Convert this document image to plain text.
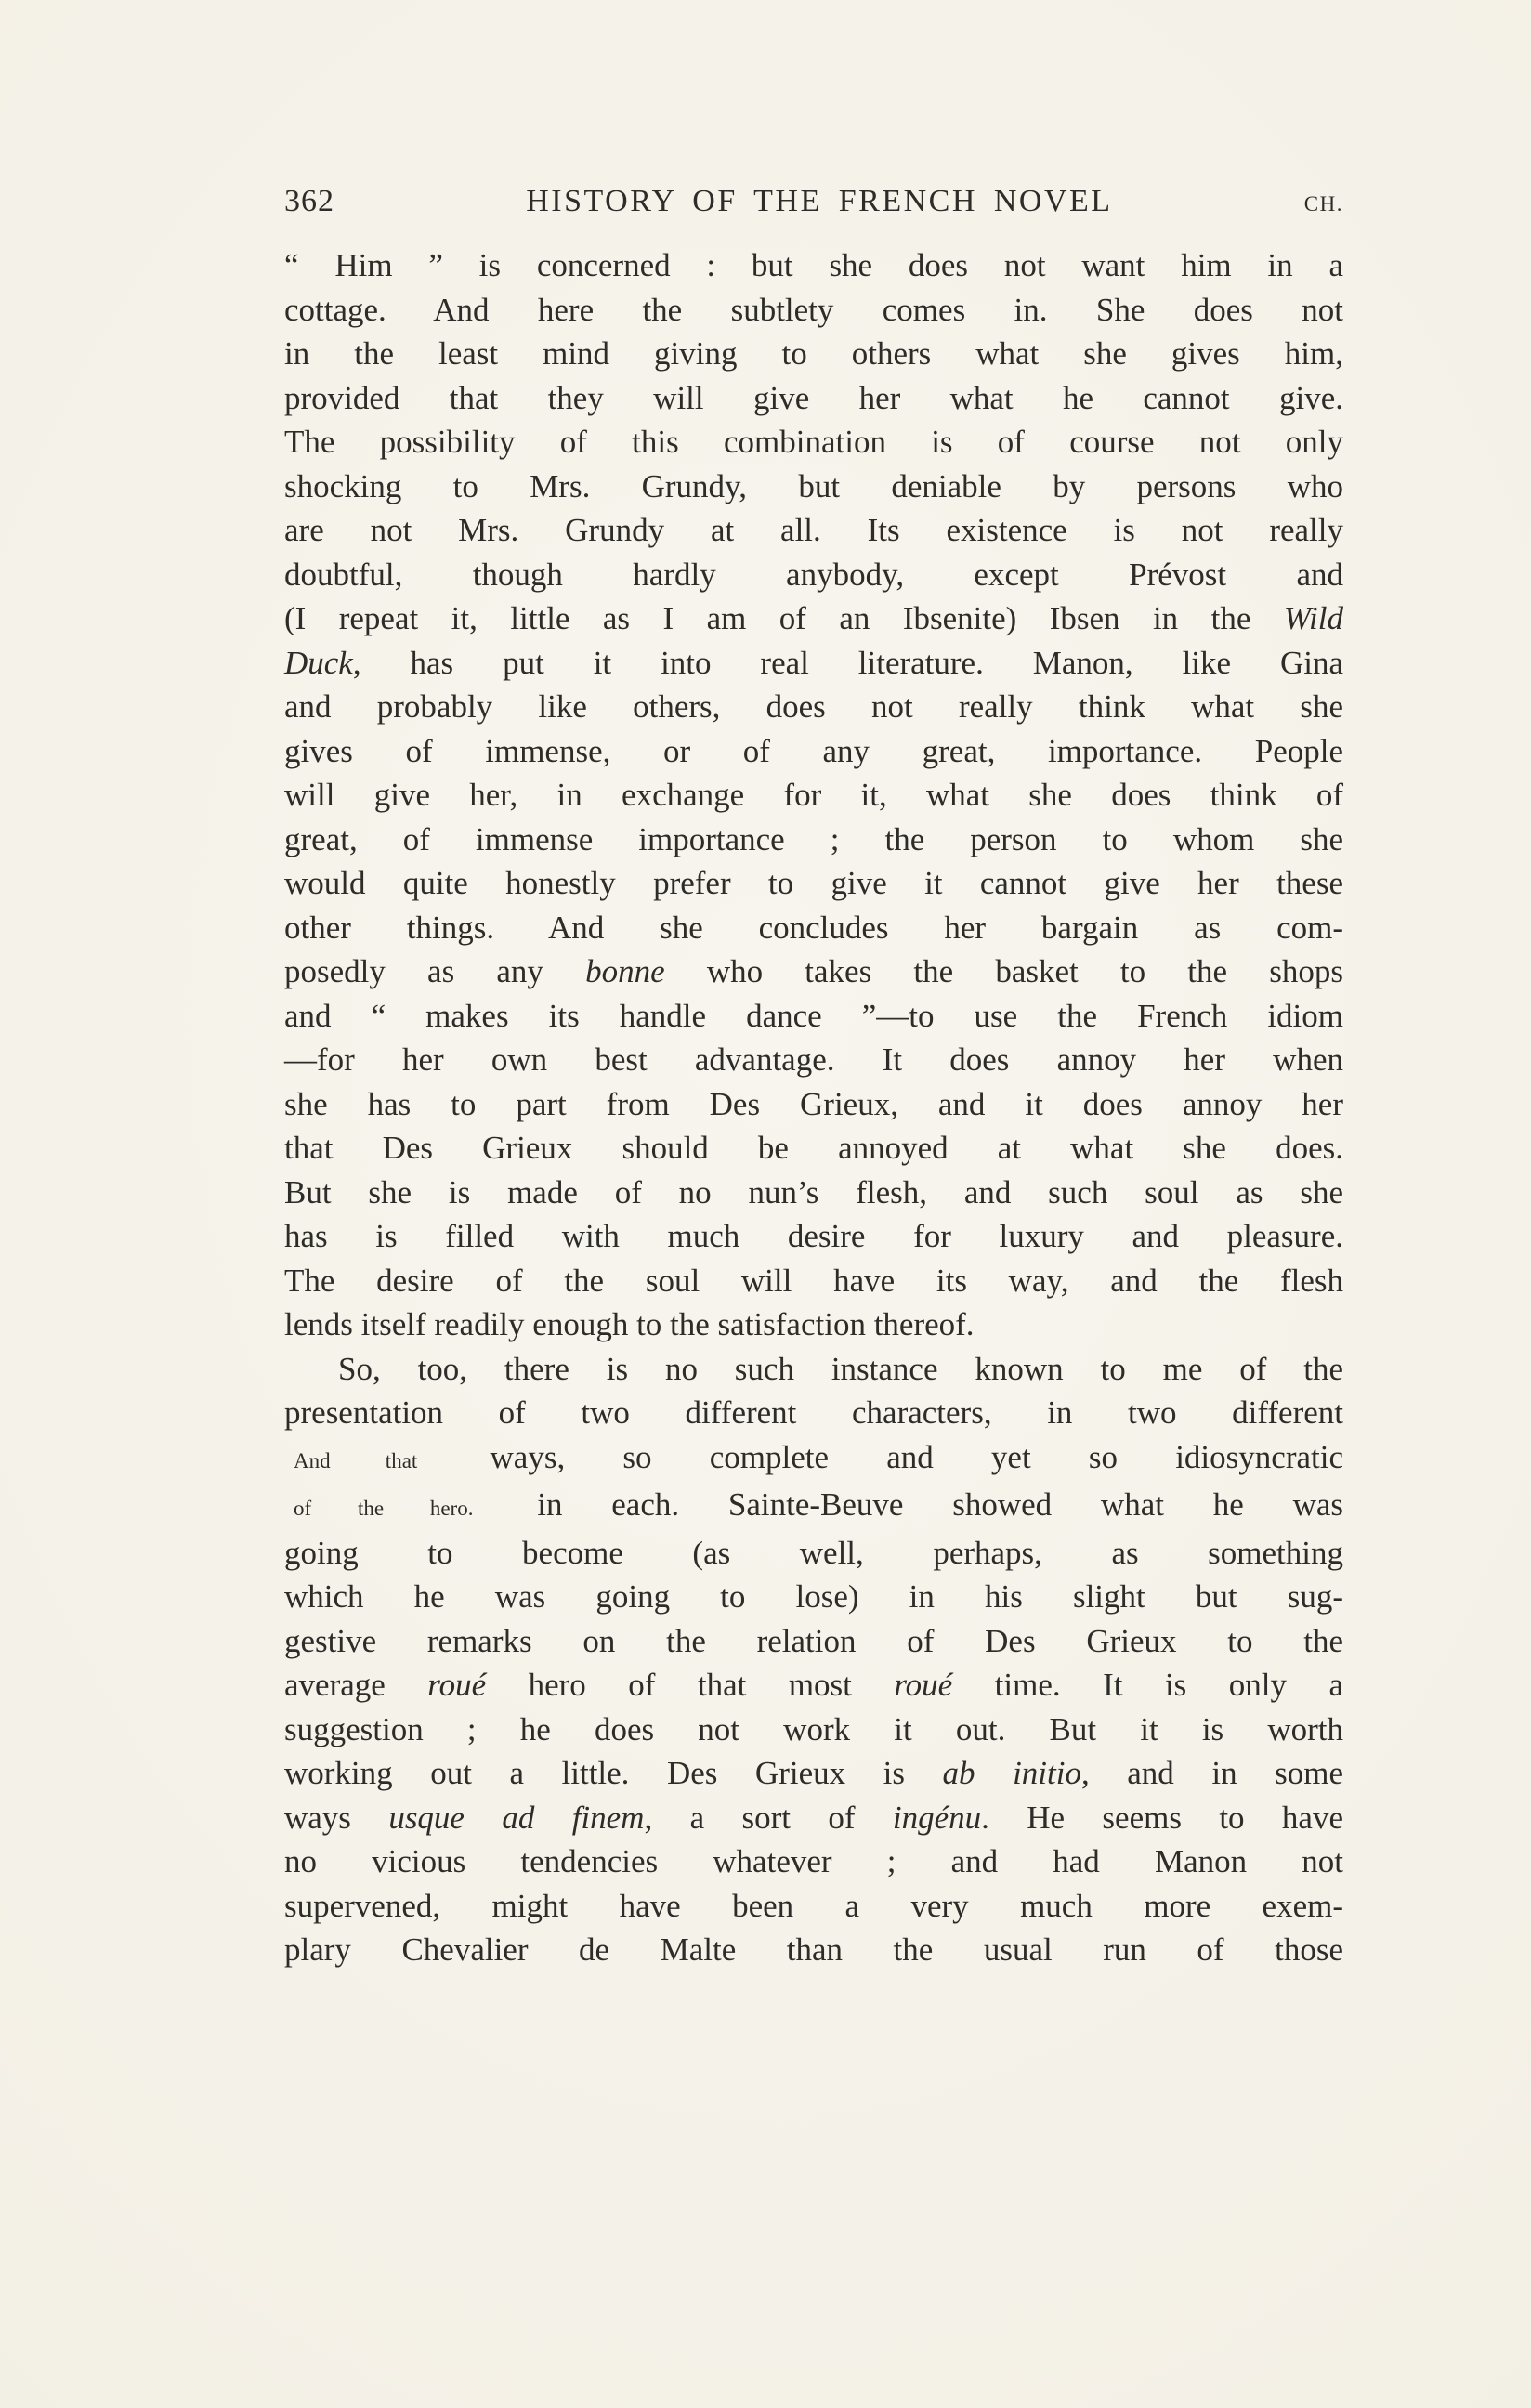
362	HISTORY OF THE FRENCH NOVEL	CH.
“ Him ” is concerned : but she does not want him in a
cottage. And here the subtlety comes in. She does not
in the least mind giving to others what she gives him,
provided that they will give her what he cannot give.
The possibility of this combination is of course not only
shocking to Mrs. Grundy, but deniable by persons who
are not Mrs. Grundy at all. Its existence is not really
doubtful, though hardly anybody, except Prévost and
(I repeat it, little as I am of an Ibsenite) Ibsen in the Wild
Duck, has put it into real literature. Manon, like Gina
and probably like others, does not really think what she
gives of immense, or of any great, importance. People
will give her, in exchange for it, what she does think of
great, of immense importance ; the person to whom she
would quite honestly prefer to give it cannot give her these
other things. And she concludes her bargain as com-
posedly as any bonne who takes the basket to the shops
and “ makes its handle dance ”—to use the French idiom
—for her own best advantage. It does annoy her when
she has to part from Des Grieux, and it does annoy her
that Des Grieux should be annoyed at what she does.
But she is made of no nun’s flesh, and such soul as she
has is filled with much desire for luxury and pleasure.
The desire of the soul will have its way, and the flesh
lends itself readily enough to the satisfaction thereof.
So, too, there is no such instance known to me of the
presentation of two different characters, in two different
And that ways, so complete and yet so idiosyncratic
of the hero. in each. Sainte-Beuve showed what he was
going to become (as well, perhaps, as something
which he was going to lose) in his slight but sug-
gestive remarks on the relation of Des Grieux to the
average roué hero of that most roué time. It is only a
suggestion ; he does not work it out. But it is worth
working out a little. Des Grieux is ab initio, and in some
ways usque ad finem, a sort of ingénu. He seems to have
no vicious tendencies whatever ; and had Manon not
supervened, might have been a very much more exem-
plary Chevalier de Malte than the usual run of those
